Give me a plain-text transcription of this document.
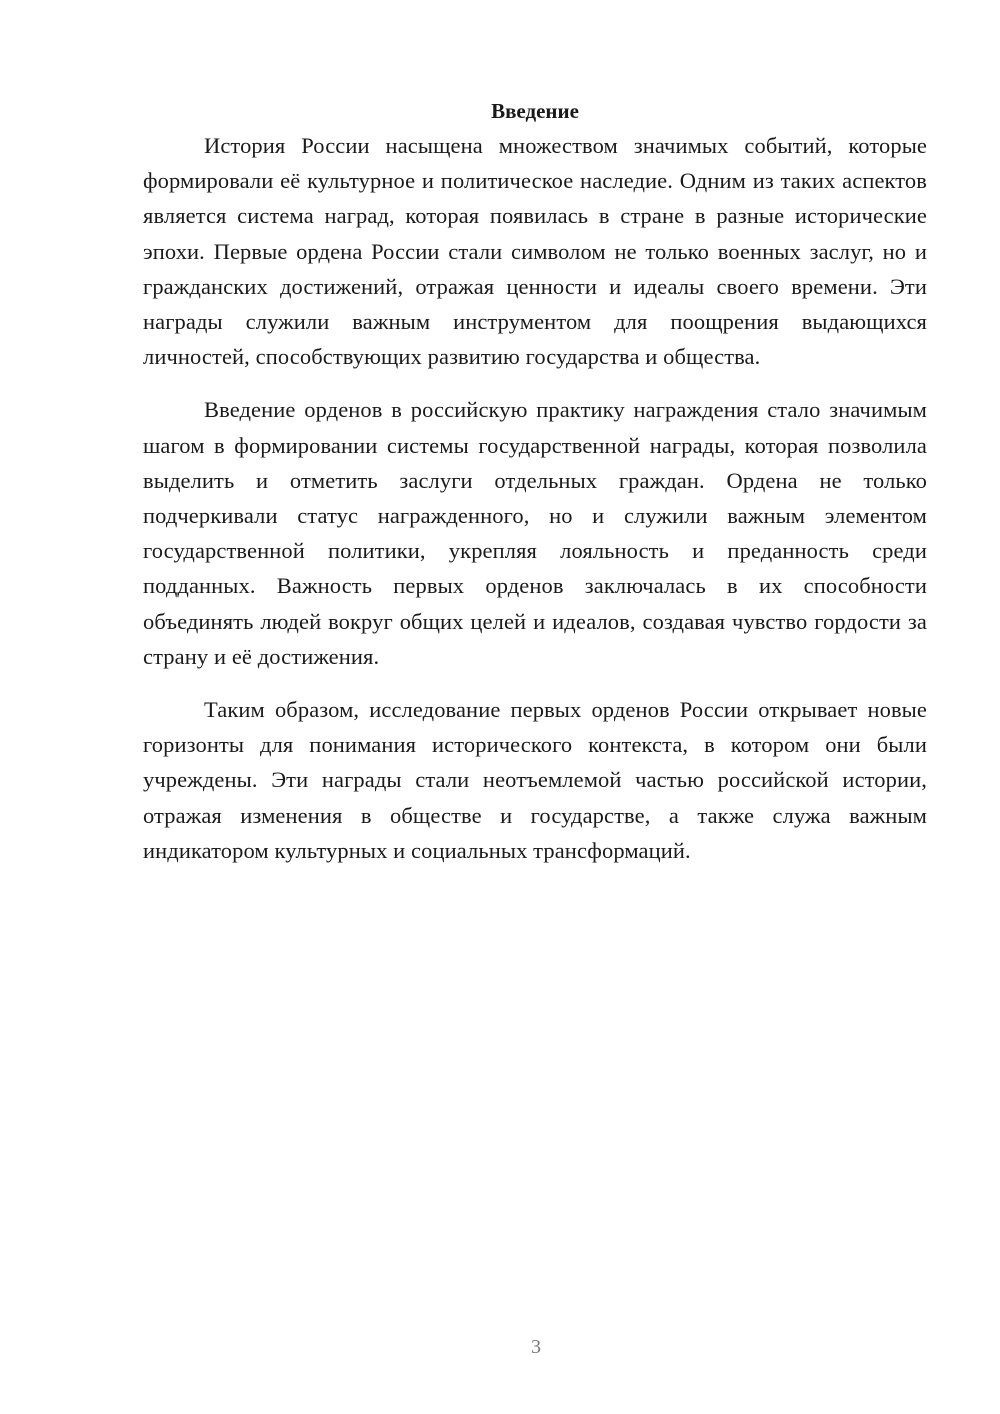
Введение

История России насыщена множеством значимых событий, которые формировали её культурное и политическое наследие. Одним из таких аспектов является система наград, которая появилась в стране в разные исторические эпохи. Первые ордена России стали символом не только военных заслуг, но и гражданских достижений, отражая ценности и идеалы своего времени. Эти награды служили важным инструментом для поощрения выдающихся личностей, способствующих развитию государства и общества.

Введение орденов в российскую практику награждения стало значимым шагом в формировании системы государственной награды, которая позволила выделить и отметить заслуги отдельных граждан. Ордена не только подчеркивали статус награжденного, но и служили важным элементом государственной политики, укрепляя лояльность и преданность среди подданных. Важность первых орденов заключалась в их способности объединять людей вокруг общих целей и идеалов, создавая чувство гордости за страну и её достижения.

Таким образом, исследование первых орденов России открывает новые горизонты для понимания исторического контекста, в котором они были учреждены. Эти награды стали неотъемлемой частью российской истории, отражая изменения в обществе и государстве, а также служа важным индикатором культурных и социальных трансформаций.

3
